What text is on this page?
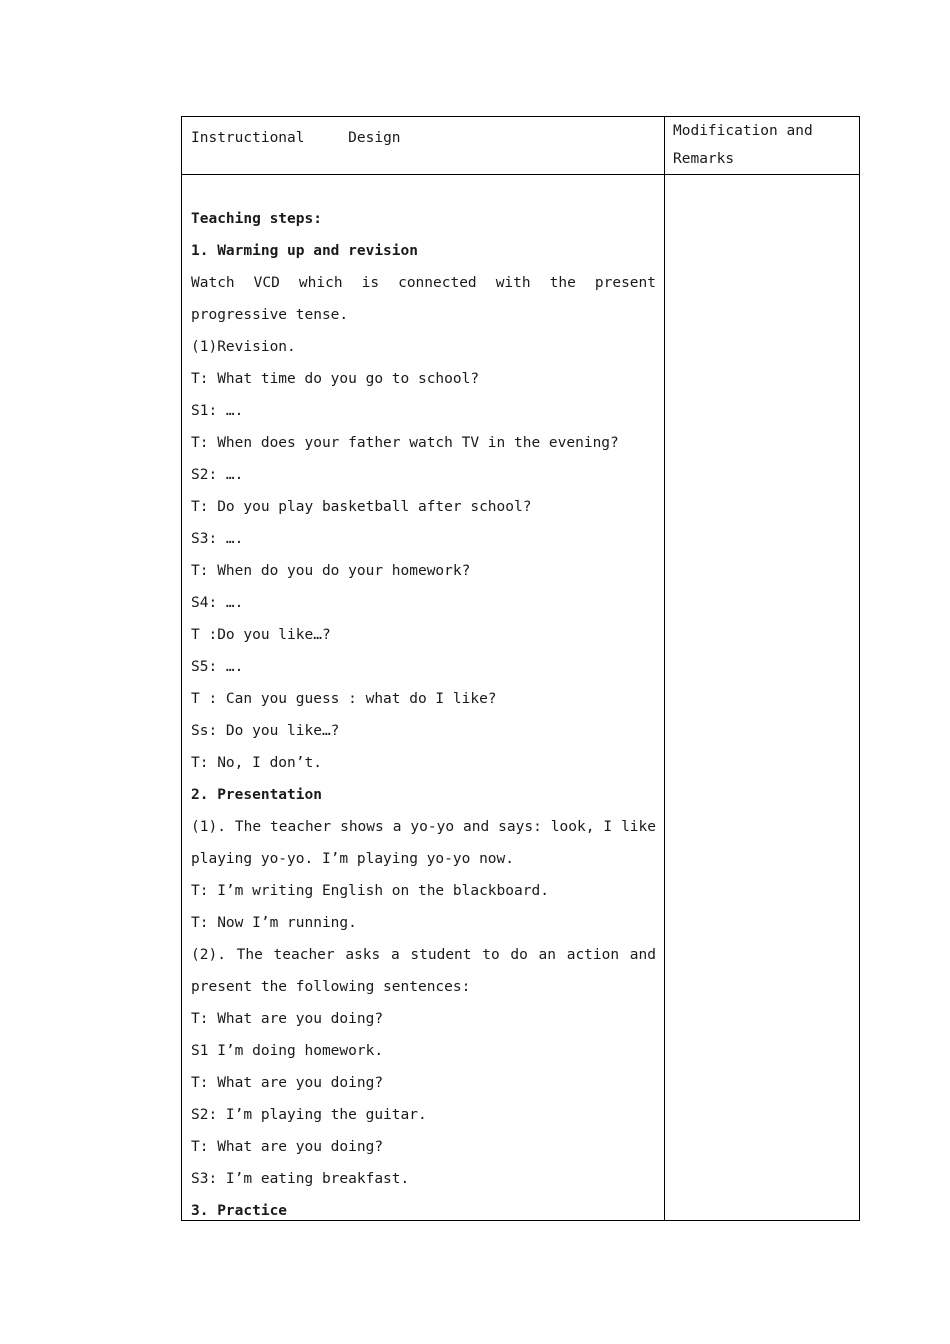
Instructional	Design	Modification and
Remarks
Teaching steps:
1. Warming up and revision
Watch VCD which is connected with the present
progressive tense.
(1)Revision.
T: What time do you go to school?
S1: ….
T: When does your father watch TV in the evening?
S2: ….
T: Do you play basketball after school?
S3: ….
T: When do you do your homework?
S4: ….
T :Do you like…?
S5: ….
T : Can you guess : what do I like?
Ss: Do you like…?
T: No, I don’t.
2. Presentation
(1). The teacher shows a yo-yo and says: look, I like
playing yo-yo. I’m playing yo-yo now.
T: I’m writing English on the blackboard.
T: Now I’m running.
(2). The teacher asks a student to do an action and
present the following sentences:
T: What are you doing?
S1 I’m doing homework.
T: What are you doing?
S2: I’m playing the guitar.
T: What are you doing?
S3: I’m eating breakfast.
3. Practice
